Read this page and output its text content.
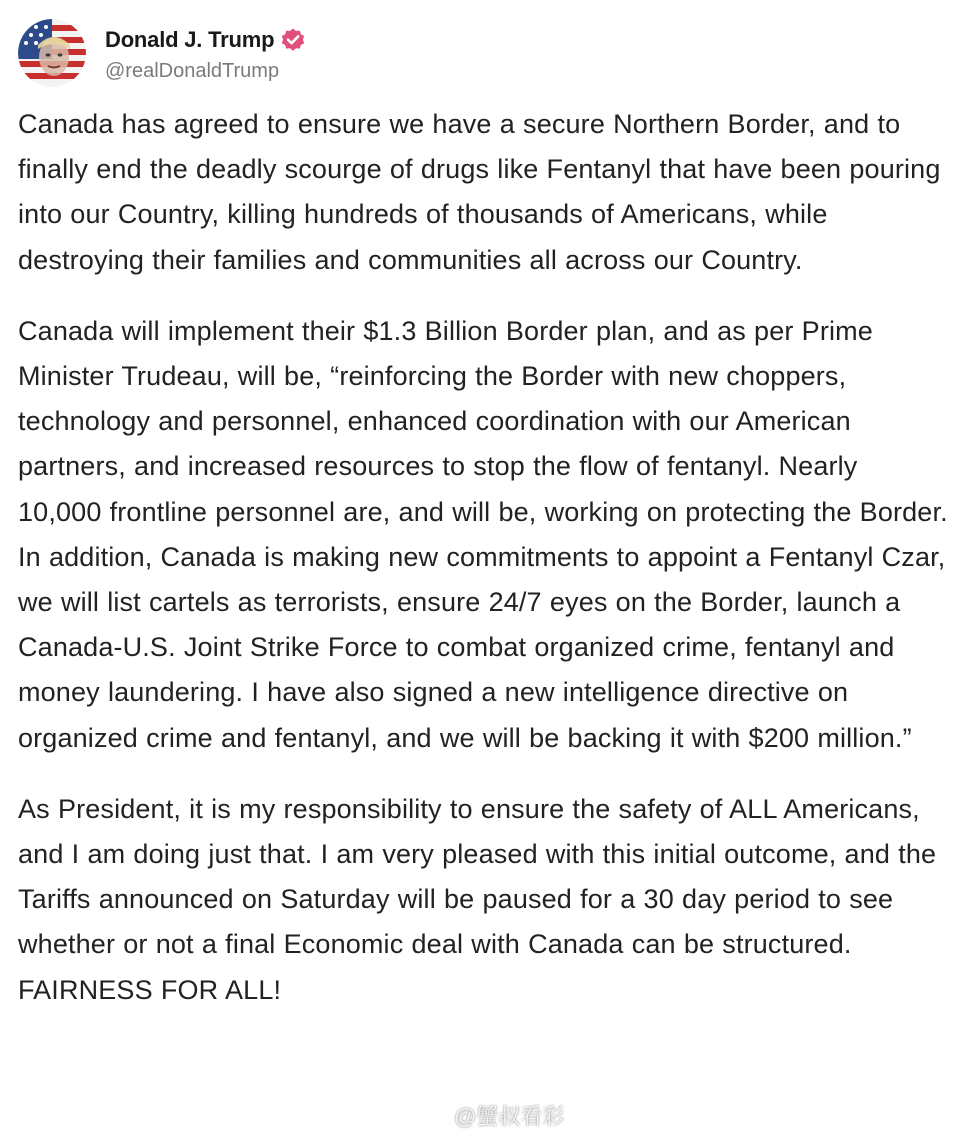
Donald J. Trump
@realDonaldTrump

Canada has agreed to ensure we have a secure Northern Border, and to finally end the deadly scourge of drugs like Fentanyl that have been pouring into our Country, killing hundreds of thousands of Americans, while destroying their families and communities all across our Country.

Canada will implement their $1.3 Billion Border plan, and as per Prime Minister Trudeau, will be, “reinforcing the Border with new choppers, technology and personnel, enhanced coordination with our American partners, and increased resources to stop the flow of fentanyl. Nearly 10,000 frontline personnel are, and will be, working on protecting the Border. In addition, Canada is making new commitments to appoint a Fentanyl Czar, we will list cartels as terrorists, ensure 24/7 eyes on the Border, launch a Canada-U.S. Joint Strike Force to combat organized crime, fentanyl and money laundering. I have also signed a new intelligence directive on organized crime and fentanyl, and we will be backing it with $200 million.”

As President, it is my responsibility to ensure the safety of ALL Americans, and I am doing just that. I am very pleased with this initial outcome, and the Tariffs announced on Saturday will be paused for a 30 day period to see whether or not a final Economic deal with Canada can be structured. FAIRNESS FOR ALL!

@蟹叔看彩
